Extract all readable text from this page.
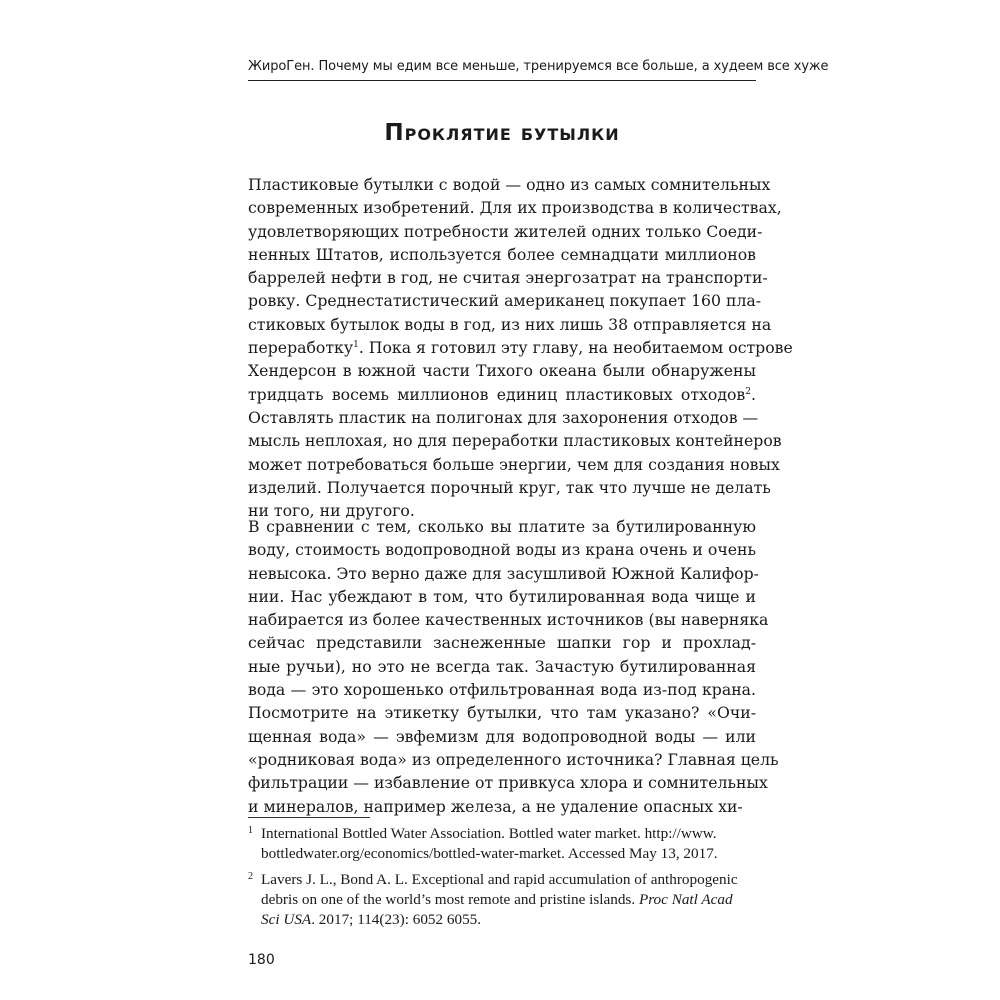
ЖироГен. Почему мы едим все меньше, тренируемся все больше, а худеем все хуже
Проклятие бутылки
Пластиковые бутылки с водой — одно из самых сомнительных
современных изобретений. Для их производства в количествах,
удовлетворяющих потребности жителей одних только Соеди-
ненных Штатов, используется более семнадцати миллионов
баррелей нефти в год, не считая энергозатрат на транспорти-
ровку. Среднестатистический американец покупает 160 пла-
стиковых бутылок воды в год, из них лишь 38 отправляется на
переработку$^1$. Пока я готовил эту главу, на необитаемом острове
Хендерсон в южной части Тихого океана были обнаружены
тридцать восемь миллионов единиц пластиковых отходов$^2$.
Оставлять пластик на полигонах для захоронения отходов —
мысль неплохая, но для переработки пластиковых контейнеров
может потребоваться больше энергии, чем для создания новых
изделий. Получается порочный круг, так что лучше не делать
ни того, ни другого.
В сравнении с тем, сколько вы платите за бутилированную
воду, стоимость водопроводной воды из крана очень и очень
невысока. Это верно даже для засушливой Южной Калифор-
нии. Нас убеждают в том, что бутилированная вода чище и
набирается из более качественных источников (вы навернякa
сейчас представили заснеженные шапки гор и прохлад-
ные ручьи), но это не всегда так. Зачастую бутилированная
вода — это хорошенько отфильтрованная вода из-под крана.
Посмотрите на этикетку бутылки, что там указано? «Очи-
щенная вода» — эвфемизм для водопроводной воды — или
«родниковая вода» из определенного источника? Главная цель
фильтрации — избавление от привкуса хлора и сомнительных
и минералов, например железа, а не удаление опасных хи-
1 International Bottled Water Association. Bottled water market. http://www.
bottledwater.org/economics/bottled-water-market. Accessed May 13, 2017.
2 Lavers J. L., Bond A. L. Exceptional and rapid accumulation of anthropogenic
debris on one of the world’s most remote and pristine islands. Proc Natl Acad
Sci USA. 2017; 114(23): 6052 6055.
180
